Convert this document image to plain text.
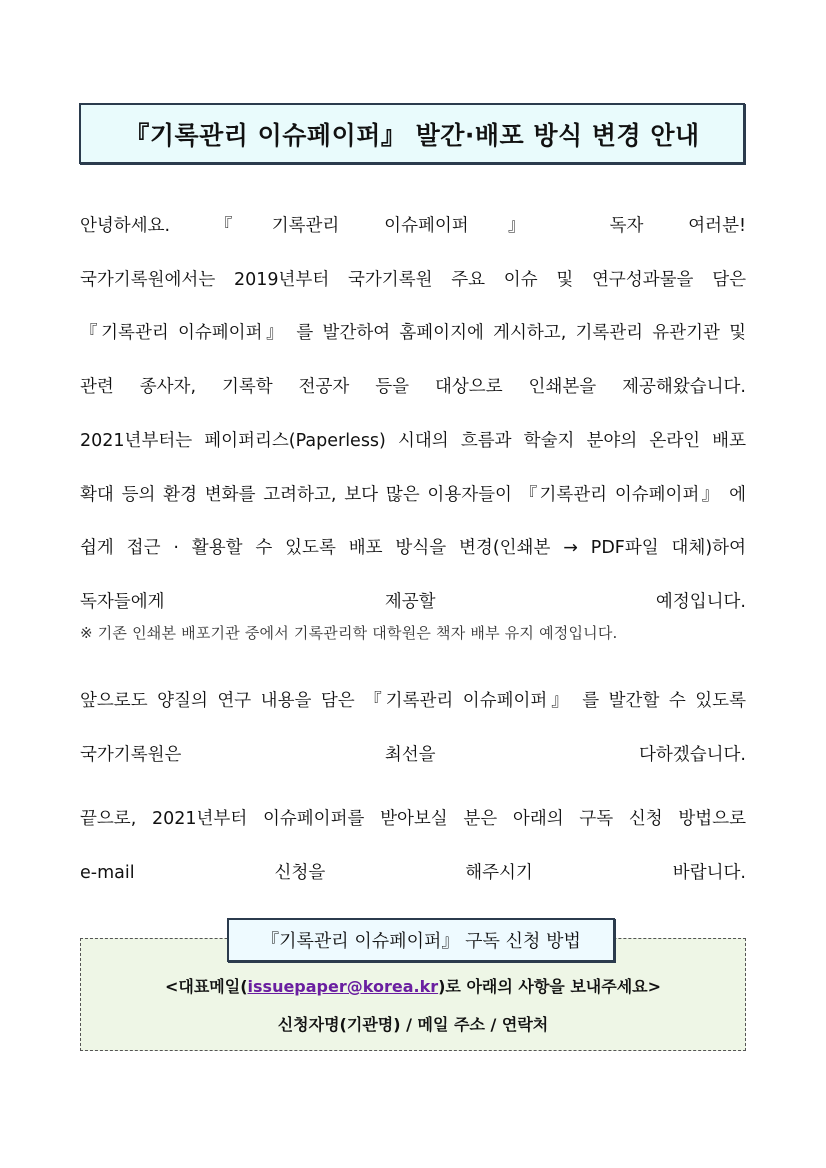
『기록관리 이슈페이퍼』 발간·배포 방식 변경 안내
안녕하세요. 『기록관리 이슈페이퍼』 독자 여러분!
국가기록원에서는 2019년부터 국가기록원 주요 이슈 및 연구성과물을 담은
『기록관리 이슈페이퍼』 를 발간하여 홈페이지에 게시하고, 기록관리 유관기관 및
관련 종사자, 기록학 전공자 등을 대상으로 인쇄본을 제공해왔습니다.
2021년부터는 페이퍼리스(Paperless) 시대의 흐름과 학술지 분야의 온라인 배포
확대 등의 환경 변화를 고려하고, 보다 많은 이용자들이 『기록관리 이슈페이퍼』 에
쉽게 접근 · 활용할 수 있도록 배포 방식을 변경(인쇄본 → PDF파일 대체)하여
독자들에게 제공할 예정입니다.
※ 기존 인쇄본 배포기관 중에서 기록관리학 대학원은 책자 배부 유지 예정입니다.
앞으로도 양질의 연구 내용을 담은 『기록관리 이슈페이퍼』 를 발간할 수 있도록
국가기록원은 최선을 다하겠습니다.
끝으로, 2021년부터 이슈페이퍼를 받아보실 분은 아래의 구독 신청 방법으로
e-mail 신청을 해주시기 바랍니다.
『기록관리 이슈페이퍼』 구독 신청 방법
<대표메일(issuepaper@korea.kr)로 아래의 사항을 보내주세요>
신청자명(기관명) / 메일 주소 / 연락처
